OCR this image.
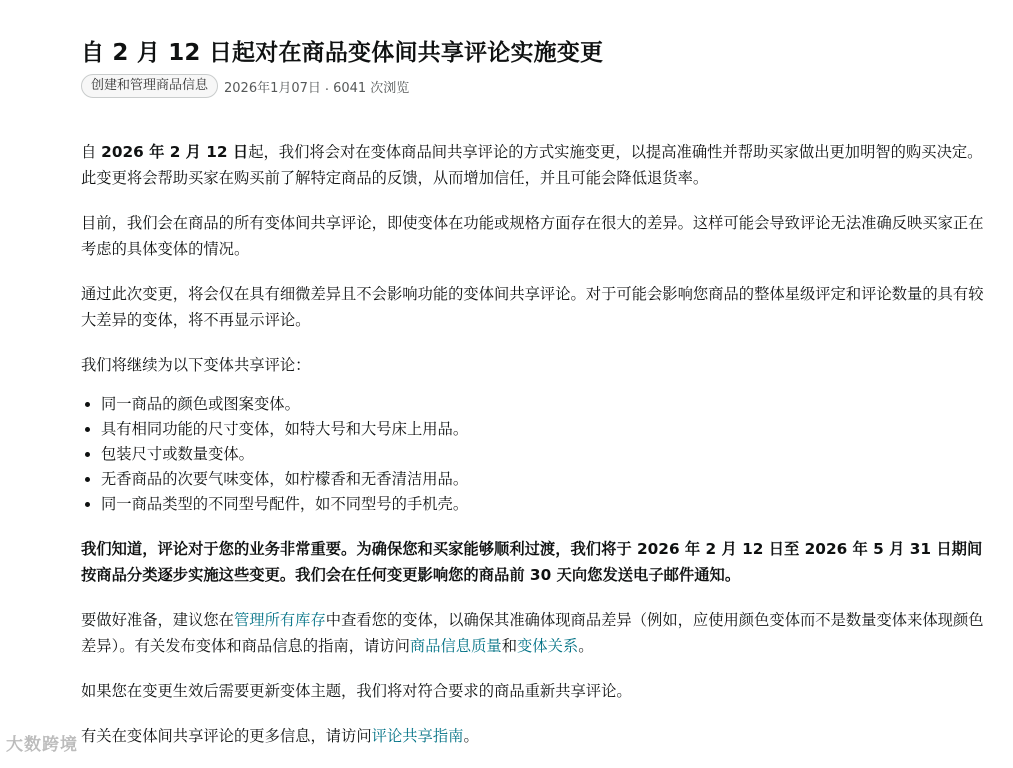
自 2 月 12 日起对在商品变体间共享评论实施变更
创建和管理商品信息	2026年1月07日 . 6041 次浏览

自 2026 年 2 月 12 日起，我们将会对在变体商品间共享评论的方式实施变更，以提高准确性并帮助买家做出更加明智的购买决定。此变更将会帮助买家在购买前了解特定商品的反馈，从而增加信任，并且可能会降低退货率。

目前，我们会在商品的所有变体间共享评论，即使变体在功能或规格方面存在很大的差异。这样可能会导致评论无法准确反映买家正在考虑的具体变体的情况。

通过此次变更，将会仅在具有细微差异且不会影响功能的变体间共享评论。对于可能会影响您商品的整体星级评定和评论数量的具有较大差异的变体，将不再显示评论。

我们将继续为以下变体共享评论：

• 同一商品的颜色或图案变体。
• 具有相同功能的尺寸变体，如特大号和大号床上用品。
• 包装尺寸或数量变体。
• 无香商品的次要气味变体，如柠檬香和无香清洁用品。
• 同一商品类型的不同型号配件，如不同型号的手机壳。

我们知道，评论对于您的业务非常重要。为确保您和买家能够顺利过渡，我们将于 2026 年 2 月 12 日至 2026 年 5 月 31 日期间按商品分类逐步实施这些变更。我们会在任何变更影响您的商品前 30 天向您发送电子邮件通知。

要做好准备，建议您在管理所有库存中查看您的变体，以确保其准确体现商品差异（例如，应使用颜色变体而不是数量变体来体现颜色差异）。有关发布变体和商品信息的指南，请访问商品信息质量和变体关系。

如果您在变更生效后需要更新变体主题，我们将对符合要求的商品重新共享评论。

有关在变体间共享评论的更多信息，请访问评论共享指南。

大数跨境
